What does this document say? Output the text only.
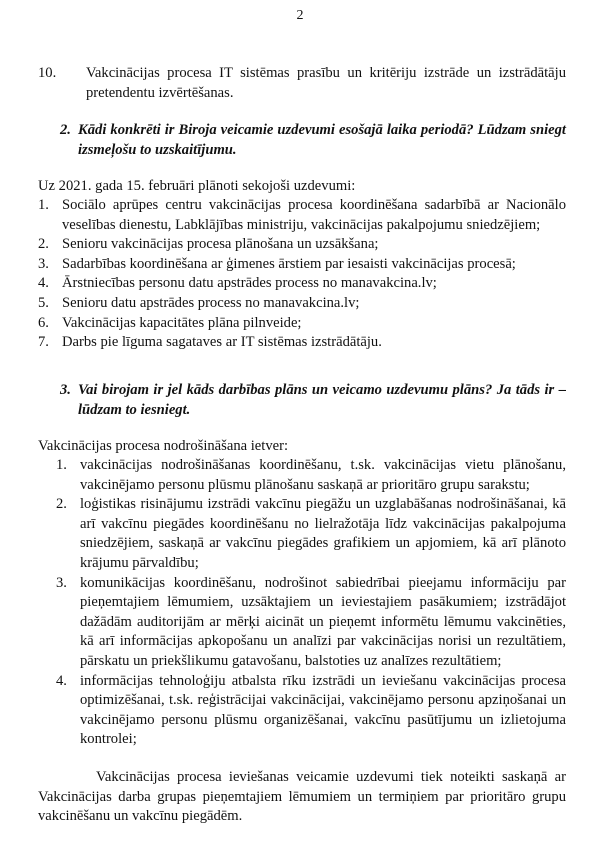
2
10.	Vakcinācijas procesa IT sistēmas prasību un kritēriju izstrāde un izstrādātāju pretendentu izvērtēšanas.
2. Kādi konkrēti ir Biroja veicamie uzdevumi esošajā laika periodā? Lūdzam sniegt izsmeļošu to uzskaitījumu.
Uz 2021. gada 15. februāri plānoti sekojoši uzdevumi:
1. Sociālo aprūpes centru vakcinācijas procesa koordinēšana sadarbībā ar Nacionālo veselības dienestu, Labklājības ministriju, vakcinācijas pakalpojumu sniedzējiem;
2. Senioru vakcinācijas procesa plānošana un uzsākšana;
3. Sadarbības koordinēšana ar ģimenes ārstiem par iesaisti vakcinācijas procesā;
4. Ārstniecības personu datu apstrādes process no manavakcina.lv;
5. Senioru datu apstrādes process no manavakcina.lv;
6. Vakcinācijas kapacitātes plāna pilnveide;
7. Darbs pie līguma sagataves ar IT sistēmas izstrādātāju.
3. Vai birojam ir jel kāds darbības plāns un veicamo uzdevumu plāns? Ja tāds ir – lūdzam to iesniegt.
Vakcinācijas procesa nodrošināšana ietver:
1. vakcinācijas nodrošināšanas koordinēšanu, t.sk. vakcinācijas vietu plānošanu, vakcinējamo personu plūsmu plānošanu saskaņā ar prioritāro grupu sarakstu;
2. loģistikas risinājumu izstrādi vakcīnu piegāžu un uzglabāšanas nodrošināšanai, kā arī vakcīnu piegādes koordinēšanu no lielražotāja līdz vakcinācijas pakalpojuma sniedzējiem, saskaņā ar vakcīnu piegādes grafikiem un apjomiem, kā arī plānoto krājumu pārvaldību;
3. komunikācijas koordinēšanu, nodrošinot sabiedrībai pieejamu informāciju par pieņemtajiem lēmumiem, uzsāktajiem un ieviestajiem pasākumiem; izstrādājot dažādām auditorijām ar mērķi aicināt un pieņemt informētu lēmumu vakcinēties, kā arī informācijas apkopošanu un analīzi par vakcinācijas norisi un rezultātiem, pārskatu un priekšlikumu gatavošanu, balstoties uz analīzes rezultātiem;
4. informācijas tehnoloģiju atbalsta rīku izstrādi un ieviešanu vakcinācijas procesa optimizēšanai, t.sk. reģistrācijai vakcinācijai, vakcinējamo personu apziņošanai un vakcinējamo personu plūsmu organizēšanai, vakcīnu pasūtījumu un izlietojuma kontrolei;
Vakcinācijas procesa ieviešanas veicamie uzdevumi tiek noteikti saskaņā ar Vakcinācijas darba grupas pieņemtajiem lēmumiem un termiņiem par prioritāro grupu vakcinēšanu un vakcīnu piegādēm.
